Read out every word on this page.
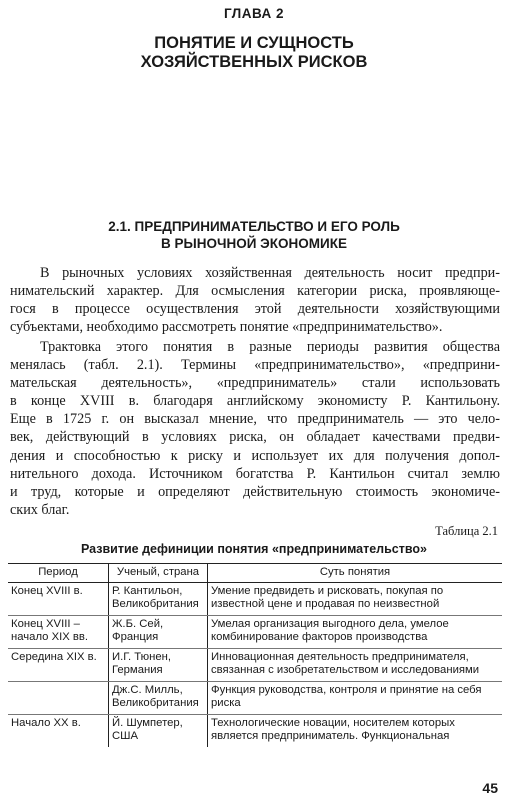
ГЛАВА 2
ПОНЯТИЕ И СУЩНОСТЬ
ХОЗЯЙСТВЕННЫХ РИСКОВ
2.1. ПРЕДПРИНИМАТЕЛЬСТВО И ЕГО РОЛЬ
В РЫНОЧНОЙ ЭКОНОМИКЕ
В рыночных условиях хозяйственная деятельность носит предпри-
нимательский характер. Для осмысления категории риска, проявляюще-
гося в процессе осуществления этой деятельности хозяйствующими
субъектами, необходимо рассмотреть понятие «предпринимательство».
Трактовка этого понятия в разные периоды развития общества
менялась (табл. 2.1). Термины «предпринимательство», «предприни-
мательская деятельность», «предприниматель» стали использовать
в конце XVIII в. благодаря английскому экономисту Р. Кантильону.
Еще в 1725 г. он высказал мнение, что предприниматель — это чело-
век, действующий в условиях риска, он обладает качествами предви-
дения и способностью к риску и использует их для получения допол-
нительного дохода. Источником богатства Р. Кантильон считал землю
и труд, которые и определяют действительную стоимость экономиче-
ских благ.
Таблица 2.1
Развитие дефиниции понятия «предпринимательство»
Период	Ученый, страна	Суть понятия
Конец XVIII в.	Р. Кантильон, Великобритания	Умение предвидеть и рисковать, покупая по известной цене и продавая по неизвестной
Конец XVIII – начало XIX вв.	Ж.Б. Сей, Франция	Умелая организация выгодного дела, умелое комбинирование факторов производства
Середина XIX в.	И.Г. Тюнен, Германия	Инновационная деятельность предпринимателя, связанная с изобретательством и исследованиями
	Дж.С. Милль, Великобритания	Функция руководства, контроля и принятие на себя риска
Начало XX в.	Й. Шумпетер, США	Технологические новации, носителем которых является предприниматель. Функциональная
45
